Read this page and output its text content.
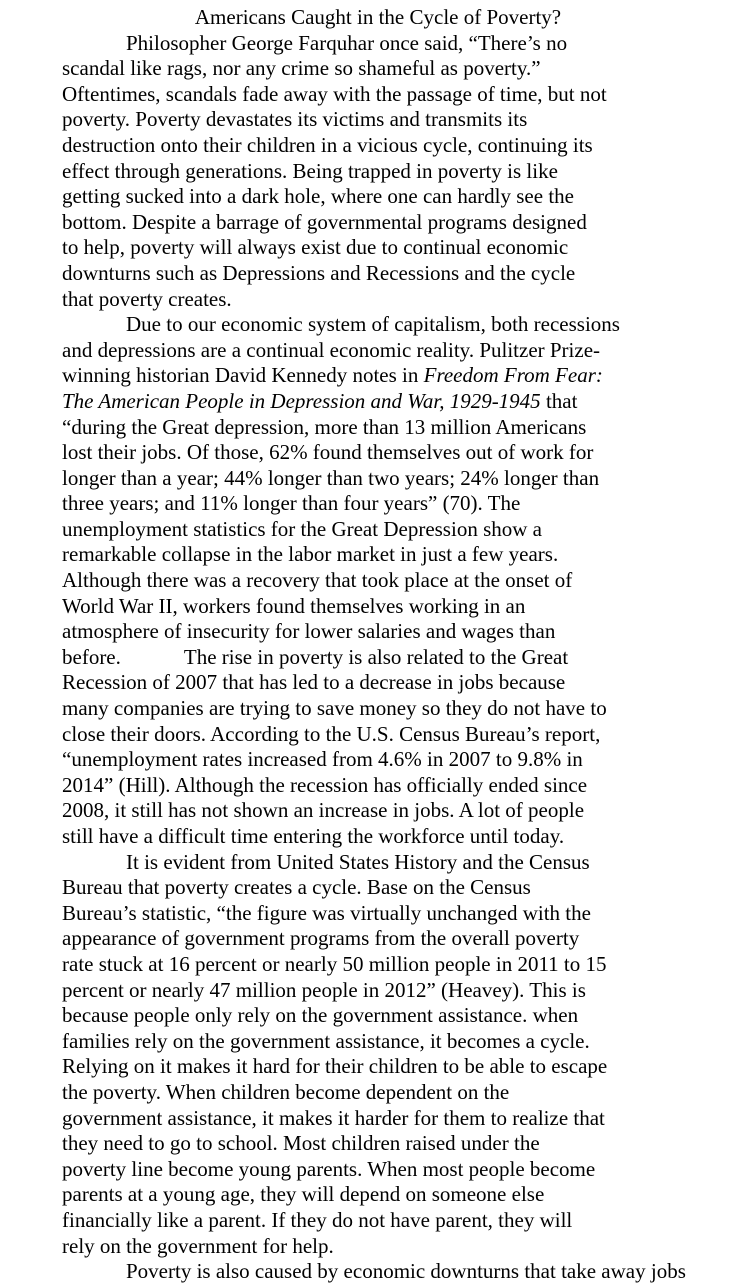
Americans Caught in the Cycle of Poverty?
Philosopher George Farquhar once said, “There’s no
scandal like rags, nor any crime so shameful as poverty.”
Oftentimes, scandals fade away with the passage of time, but not
poverty. Poverty devastates its victims and transmits its
destruction onto their children in a vicious cycle, continuing its
effect through generations. Being trapped in poverty is like
getting sucked into a dark hole, where one can hardly see the
bottom. Despite a barrage of governmental programs designed
to help, poverty will always exist due to continual economic
downturns such as Depressions and Recessions and the cycle
that poverty creates.
Due to our economic system of capitalism, both recessions
and depressions are a continual economic reality. Pulitzer Prize-
winning historian David Kennedy notes in Freedom From Fear:
The American People in Depression and War, 1929-1945 that
“during the Great depression, more than 13 million Americans
lost their jobs. Of those, 62% found themselves out of work for
longer than a year; 44% longer than two years; 24% longer than
three years; and 11% longer than four years” (70). The
unemployment statistics for the Great Depression show a
remarkable collapse in the labor market in just a few years.
Although there was a recovery that took place at the onset of
World War II, workers found themselves working in an
atmosphere of insecurity for lower salaries and wages than
before.	The rise in poverty is also related to the Great
Recession of 2007 that has led to a decrease in jobs because
many companies are trying to save money so they do not have to
close their doors. According to the U.S. Census Bureau’s report,
“unemployment rates increased from 4.6% in 2007 to 9.8% in
2014” (Hill). Although the recession has officially ended since
2008, it still has not shown an increase in jobs. A lot of people
still have a difficult time entering the workforce until today.
It is evident from United States History and the Census
Bureau that poverty creates a cycle. Base on the Census
Bureau’s statistic, “the figure was virtually unchanged with the
appearance of government programs from the overall poverty
rate stuck at 16 percent or nearly 50 million people in 2011 to 15
percent or nearly 47 million people in 2012” (Heavey). This is
because people only rely on the government assistance. when
families rely on the government assistance, it becomes a cycle.
Relying on it makes it hard for their children to be able to escape
the poverty. When children become dependent on the
government assistance, it makes it harder for them to realize that
they need to go to school. Most children raised under the
poverty line become young parents. When most people become
parents at a young age, they will depend on someone else
financially like a parent. If they do not have parent, they will
rely on the government for help.
Poverty is also caused by economic downturns that take away jobs
